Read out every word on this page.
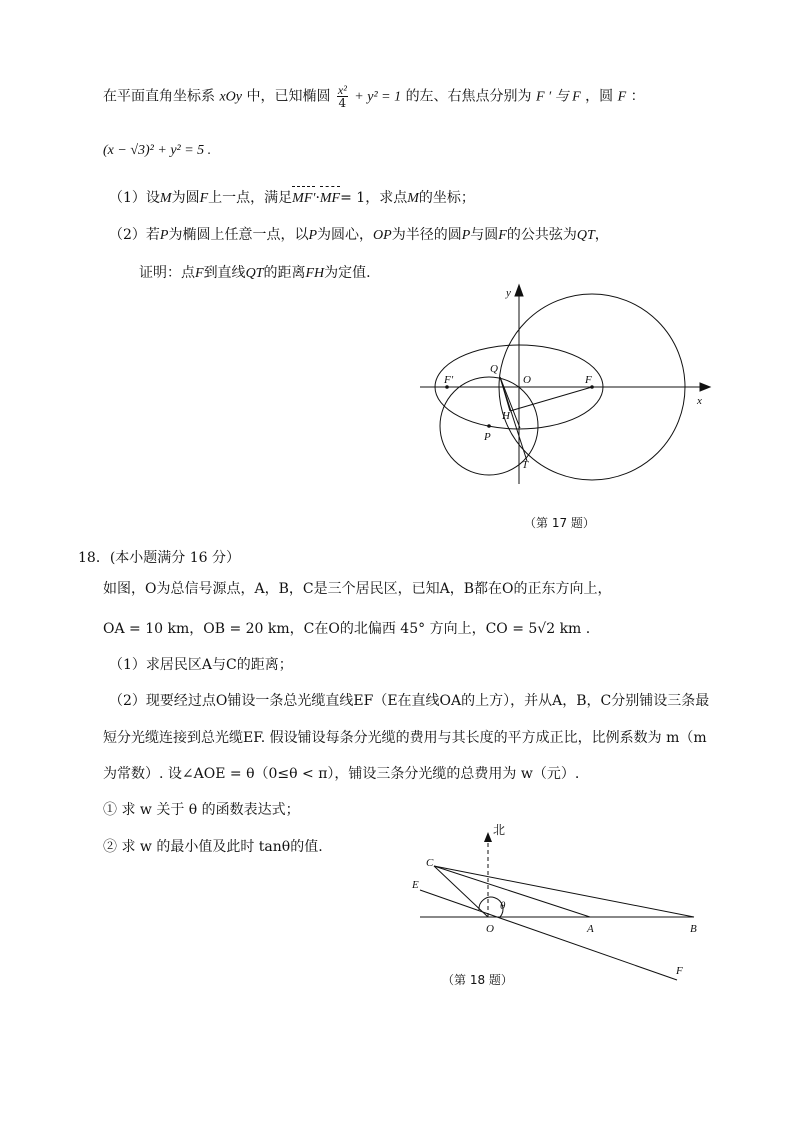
在平面直角坐标系 xOy 中，已知椭圆 $\frac{\text{x²}}{4} + y^2 = 1$ 的左、右焦点分别为 F ′ 与 F ，圆 F ：
(x − √3)² + y² = 5 .
（1）设M为圆F上一点，满足MF′·MF= 1，求点M的坐标；
（2）若P为椭圆上任意一点，以P为圆心，OP为半径的圆P与圆F的公共弦为QT，
证明：点F到直线QT的距离FH为定值.
y
x
F′
Q
O	F
H
P
T
（第 17 题）
18．(本小题满分 16 分）
如图，O为总信号源点，A，B，C是三个居民区，已知A，B都在O的正东方向上，
OA = 10 km，OB = 20 km，C在O的北偏西 45° 方向上，CO = 5√2 km .
（1）求居民区A与C的距离；
（2）现要经过点O铺设一条总光缆直线EF（E在直线OA的上方），并从A，B，C分别铺设三条最
短分光缆连接到总光缆EF. 假设铺设每条分光缆的费用与其长度的平方成正比，比例系数为 m（m
为常数）. 设∠AOE = θ（0≤θ < π），铺设三条分光缆的总费用为 w（元）.
① 求 w 关于 θ 的函数表达式；
② 求 w 的最小值及此时 tanθ的值.
北
C
E
θ
O	A	B
F
（第 18 题）
